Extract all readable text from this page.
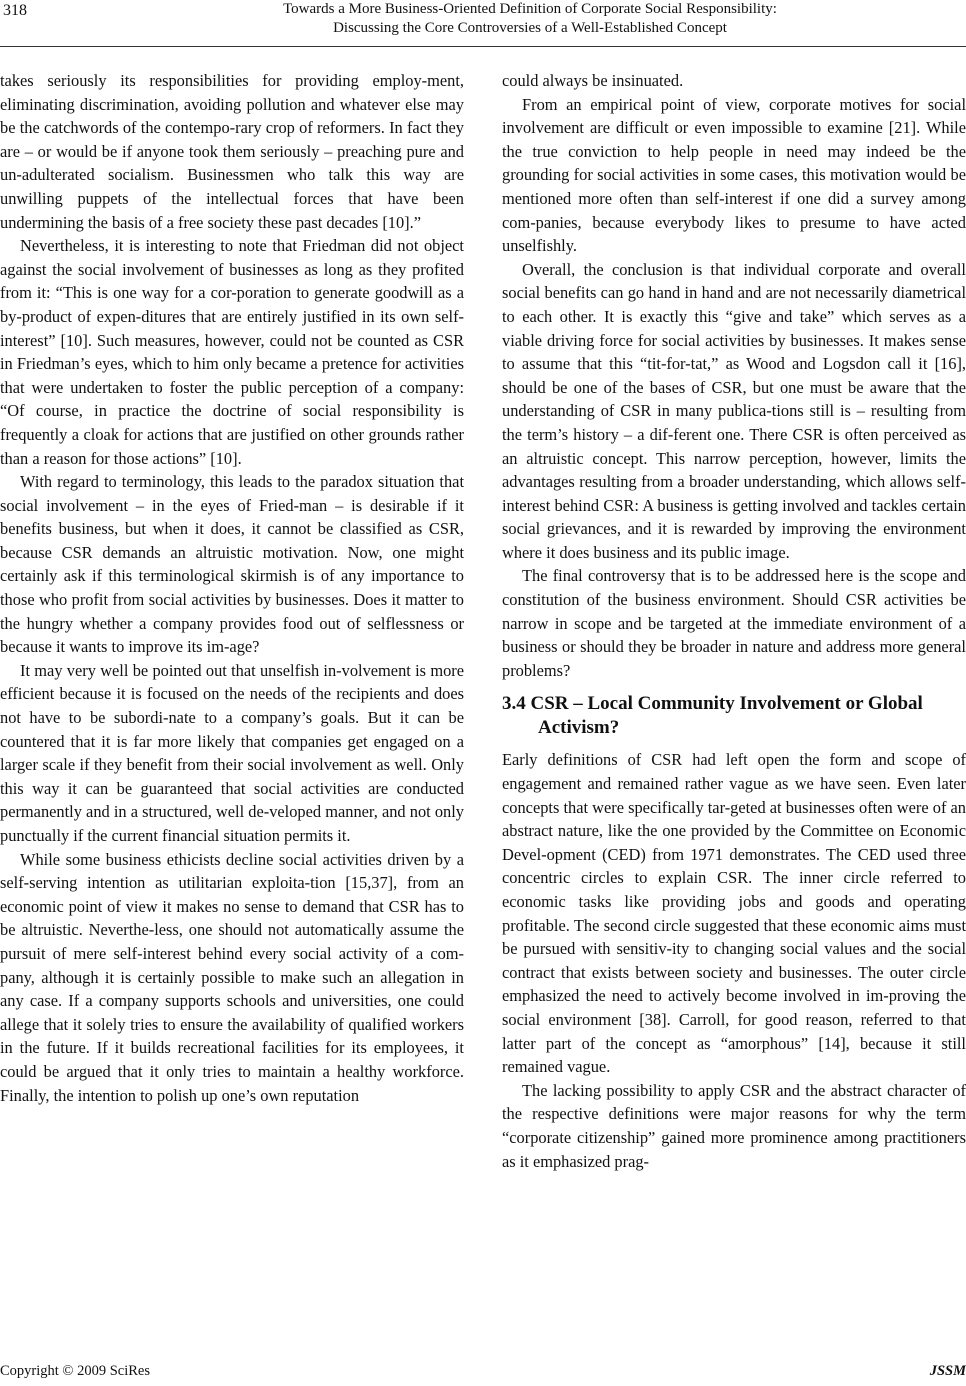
318	Towards a More Business-Oriented Definition of Corporate Social Responsibility:
Discussing the Core Controversies of a Well-Established Concept

takes seriously its responsibilities for providing employ-ment, eliminating discrimination, avoiding pollution and whatever else may be the catchwords of the contempo-rary crop of reformers. In fact they are – or would be if anyone took them seriously – preaching pure and un-adulterated socialism. Businessmen who talk this way are unwilling puppets of the intellectual forces that have been undermining the basis of a free society these past decades [10].”

Nevertheless, it is interesting to note that Friedman did not object against the social involvement of businesses as long as they profited from it: “This is one way for a cor-poration to generate goodwill as a by-product of expen-ditures that are entirely justified in its own self-interest” [10]. Such measures, however, could not be counted as CSR in Friedman’s eyes, which to him only became a pretence for activities that were undertaken to foster the public perception of a company: “Of course, in practice the doctrine of social responsibility is frequently a cloak for actions that are justified on other grounds rather than a reason for those actions” [10].

With regard to terminology, this leads to the paradox situation that social involvement – in the eyes of Fried-man – is desirable if it benefits business, but when it does, it cannot be classified as CSR, because CSR demands an altruistic motivation. Now, one might certainly ask if this terminological skirmish is of any importance to those who profit from social activities by businesses. Does it matter to the hungry whether a company provides food out of selflessness or because it wants to improve its im-age?

It may very well be pointed out that unselfish in-volvement is more efficient because it is focused on the needs of the recipients and does not have to be subordi-nate to a company’s goals. But it can be countered that it is far more likely that companies get engaged on a larger scale if they benefit from their social involvement as well. Only this way it can be guaranteed that social activities are conducted permanently and in a structured, well de-veloped manner, and not only punctually if the current financial situation permits it.

While some business ethicists decline social activities driven by a self-serving intention as utilitarian exploita-tion [15,37], from an economic point of view it makes no sense to demand that CSR has to be altruistic. Neverthe-less, one should not automatically assume the pursuit of mere self-interest behind every social activity of a com-pany, although it is certainly possible to make such an allegation in any case. If a company supports schools and universities, one could allege that it solely tries to ensure the availability of qualified workers in the future. If it builds recreational facilities for its employees, it could be argued that it only tries to maintain a healthy workforce. Finally, the intention to polish up one’s own reputation

could always be insinuated.

From an empirical point of view, corporate motives for social involvement are difficult or even impossible to examine [21]. While the true conviction to help people in need may indeed be the grounding for social activities in some cases, this motivation would be mentioned more often than self-interest if one did a survey among com-panies, because everybody likes to presume to have acted unselfishly.

Overall, the conclusion is that individual corporate and overall social benefits can go hand in hand and are not necessarily diametrical to each other. It is exactly this “give and take” which serves as a viable driving force for social activities by businesses. It makes sense to assume that this “tit-for-tat,” as Wood and Logsdon call it [16], should be one of the bases of CSR, but one must be aware that the understanding of CSR in many publica-tions still is – resulting from the term’s history – a dif-ferent one. There CSR is often perceived as an altruistic concept. This narrow perception, however, limits the advantages resulting from a broader understanding, which allows self-interest behind CSR: A business is getting involved and tackles certain social grievances, and it is rewarded by improving the environment where it does business and its public image.

The final controversy that is to be addressed here is the scope and constitution of the business environment. Should CSR activities be narrow in scope and be targeted at the immediate environment of a business or should they be broader in nature and address more general problems?

3.4 CSR – Local Community Involvement or Global Activism?

Early definitions of CSR had left open the form and scope of engagement and remained rather vague as we have seen. Even later concepts that were specifically tar-geted at businesses often were of an abstract nature, like the one provided by the Committee on Economic Devel-opment (CED) from 1971 demonstrates. The CED used three concentric circles to explain CSR. The inner circle referred to economic tasks like providing jobs and goods and operating profitable. The second circle suggested that these economic aims must be pursued with sensitiv-ity to changing social values and the social contract that exists between society and businesses. The outer circle emphasized the need to actively become involved in im-proving the social environment [38]. Carroll, for good reason, referred to that latter part of the concept as “amorphous” [14], because it still remained vague.

The lacking possibility to apply CSR and the abstract character of the respective definitions were major reasons for why the term “corporate citizenship” gained more prominence among practitioners as it emphasized prag-

Copyright © 2009 SciRes	JSSM
